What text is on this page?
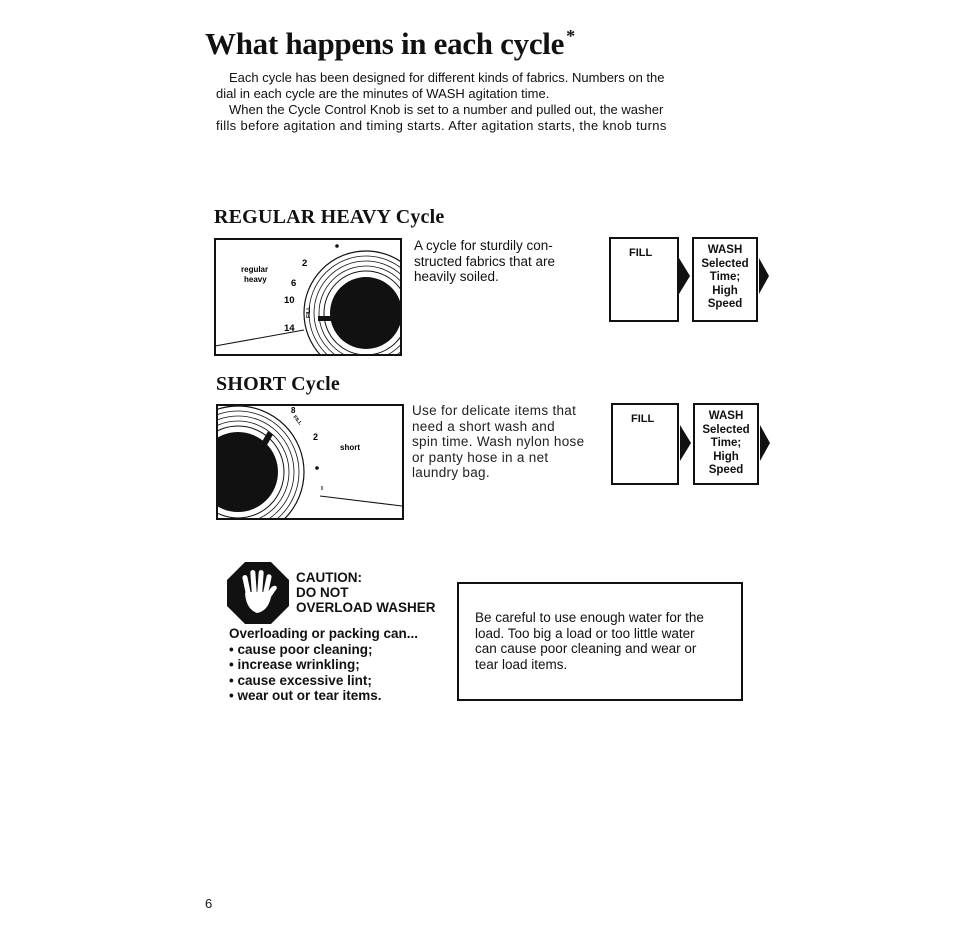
What happens in each cycle *
Each cycle has been designed for different kinds of fabrics. Numbers on the
dial in each cycle are the minutes of WASH agitation time.
When the Cycle Control Knob is set to a number and pulled out, the washer
fills before agitation and timing starts. After agitation starts, the knob turns
REGULAR HEAVY Cycle
regular
heavy
2
6
10
14
FILL
A cycle for sturdily con-
structed fabrics that are
heavily soiled.
FILL	WASH
Selected
Time;
High
Speed
SHORT Cycle
8
2
short
FILL
Use for delicate items that
need a short wash and
spin time. Wash nylon hose
or panty hose in a net
laundry bag.
FILL	WASH
Selected
Time;
High
Speed
CAUTION:
DO NOT
OVERLOAD WASHER
Overloading or packing can...
• cause poor cleaning;
• increase wrinkling;
• cause excessive lint;
• wear out or tear items.
Be careful to use enough water for the
load. Too big a load or too little water
can cause poor cleaning and wear or
tear load items.
6
